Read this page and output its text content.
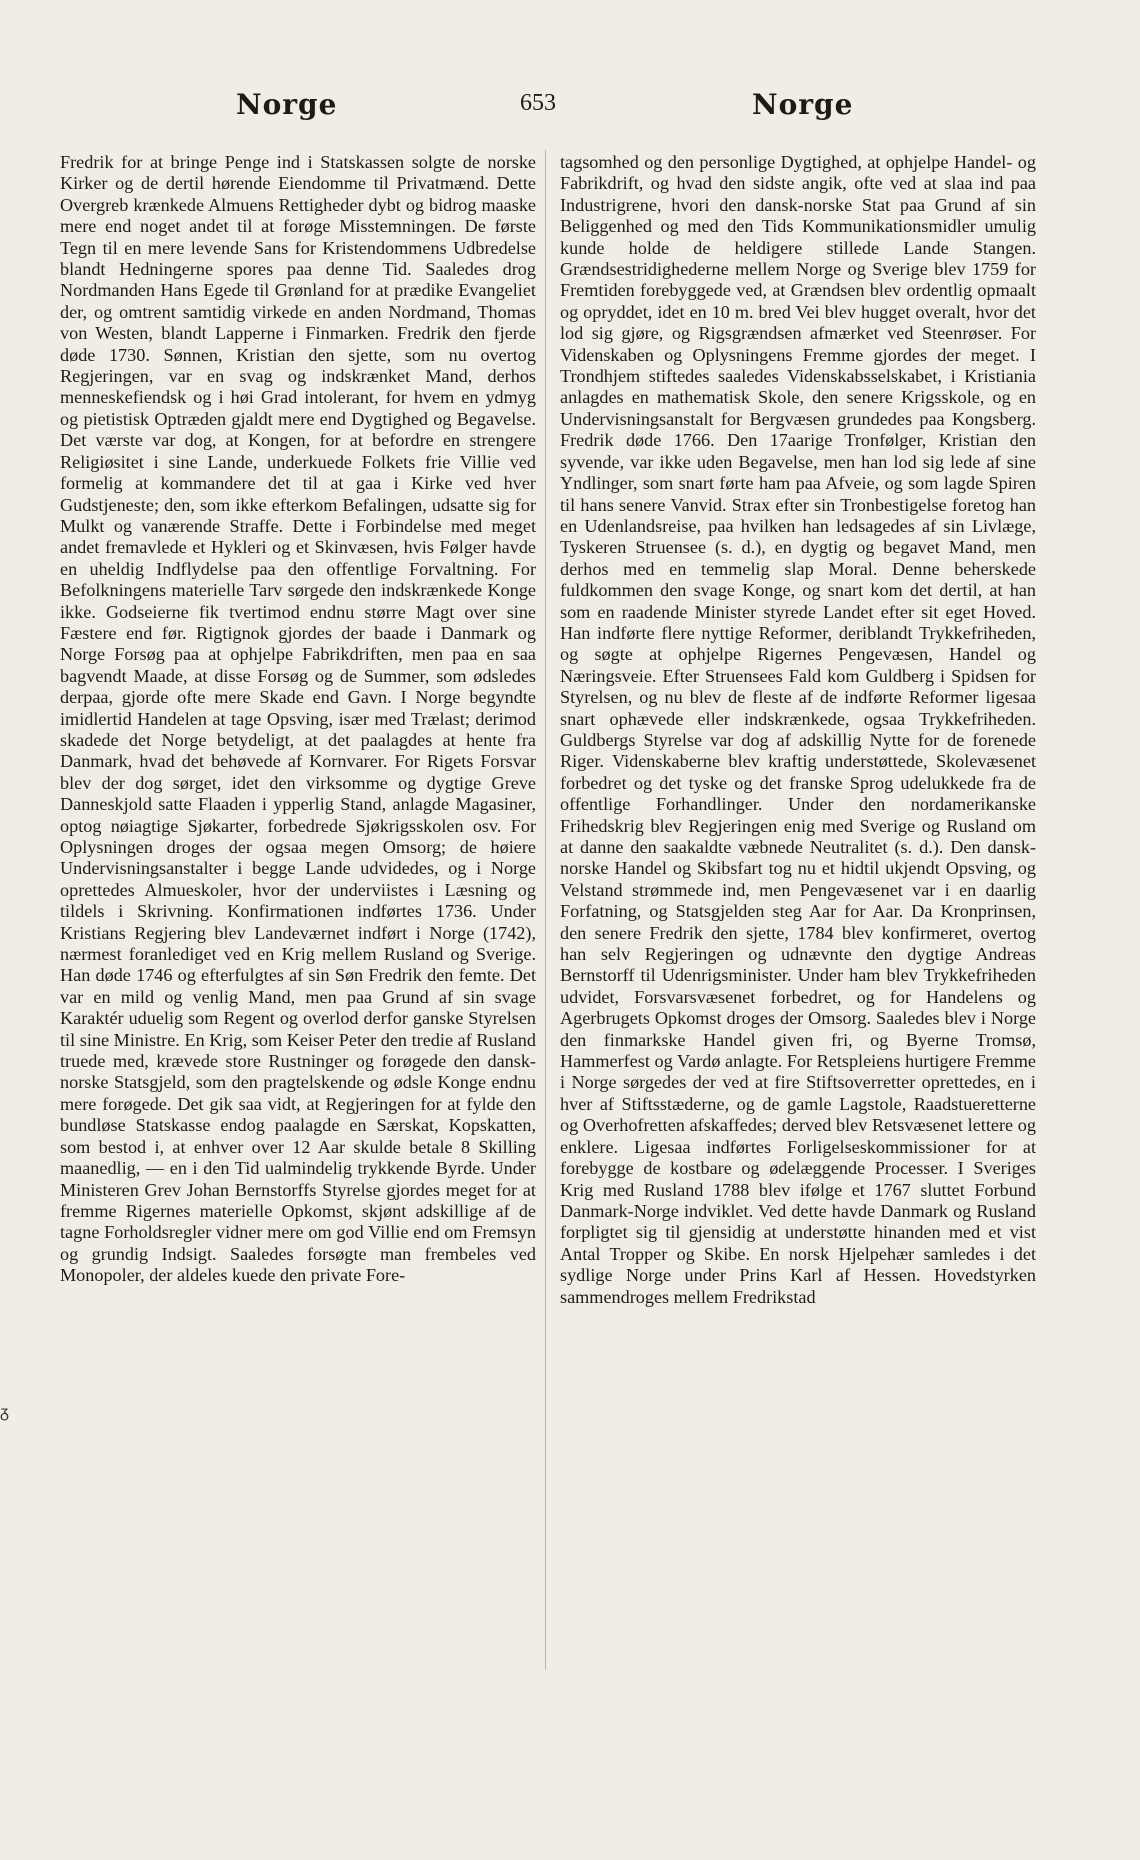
Norge	653	Norge

Fredrik for at bringe Penge ind i Statskassen solgte de norske Kirker og de dertil hørende Eiendomme til Privatmænd. Dette Overgreb krænkede Almuens Rettigheder dybt og bidrog maaske mere end noget andet til at forøge Misstemningen. De første Tegn til en mere levende Sans for Kristendommens Udbredelse blandt Hedningerne spores paa denne Tid. Saaledes drog Nordmanden Hans Egede til Grønland for at prædike Evangeliet der, og omtrent samtidig virkede en anden Nordmand, Thomas von Westen, blandt Lapperne i Finmarken. Fredrik den fjerde døde 1730. Sønnen, Kristian den sjette, som nu overtog Regjeringen, var en svag og indskrænket Mand, derhos menneskefiendsk og i høi Grad intolerant, for hvem en ydmyg og pietistisk Optræden gjaldt mere end Dygtighed og Begavelse. Det værste var dog, at Kongen, for at befordre en strengere Religiøsitet i sine Lande, underkuede Folkets frie Villie ved formelig at kommandere det til at gaa i Kirke ved hver Gudstjeneste; den, som ikke efterkom Befalingen, udsatte sig for Mulkt og vanærende Straffe. Dette i Forbindelse med meget andet fremavlede et Hykleri og et Skinvæsen, hvis Følger havde en uheldig Indflydelse paa den offentlige Forvaltning. For Befolkningens materielle Tarv sørgede den indskrænkede Konge ikke. Godseierne fik tvertimod endnu større Magt over sine Fæstere end før. Rigtignok gjordes der baade i Danmark og Norge Forsøg paa at ophjelpe Fabrikdriften, men paa en saa bagvendt Maade, at disse Forsøg og de Summer, som ødsledes derpaa, gjorde ofte mere Skade end Gavn. I Norge begyndte imidlertid Handelen at tage Opsving, især med Trælast; derimod skadede det Norge betydeligt, at det paalagdes at hente fra Danmark, hvad det behøvede af Kornvarer. For Rigets Forsvar blev der dog sørget, idet den virksomme og dygtige Greve Danneskjold satte Flaaden i ypperlig Stand, anlagde Magasiner, optog nøiagtige Sjøkarter, forbedrede Sjøkrigsskolen osv. For Oplysningen droges der ogsaa megen Omsorg; de høiere Undervisningsanstalter i begge Lande udvidedes, og i Norge oprettedes Almueskoler, hvor der underviistes i Læsning og tildels i Skrivning. Konfirmationen indførtes 1736. Under Kristians Regjering blev Landeværnet indført i Norge (1742), nærmest foranlediget ved en Krig mellem Rusland og Sverige. Han døde 1746 og efterfulgtes af sin Søn Fredrik den femte. Det var en mild og venlig Mand, men paa Grund af sin svage Karaktér uduelig som Regent og overlod derfor ganske Styrelsen til sine Ministre. En Krig, som Keiser Peter den tredie af Rusland truede med, krævede store Rustninger og forøgede den dansk-norske Statsgjeld, som den pragtelskende og ødsle Konge endnu mere forøgede. Det gik saa vidt, at Regjeringen for at fylde den bundløse Statskasse endog paalagde en Særskat, Kopskatten, som bestod i, at enhver over 12 Aar skulde betale 8 Skilling maanedlig, — en i den Tid ualmindelig trykkende Byrde. Under Ministeren Grev Johan Bernstorffs Styrelse gjordes meget for at fremme Rigernes materielle Opkomst, skjønt adskillige af de tagne Forholdsregler vidner mere om god Villie end om Fremsyn og grundig Indsigt. Saaledes forsøgte man frembeles ved Monopoler, der aldeles kuede den private Fore-

tagsomhed og den personlige Dygtighed, at ophjelpe Handel- og Fabrikdrift, og hvad den sidste angik, ofte ved at slaa ind paa Industrigrene, hvori den dansk-norske Stat paa Grund af sin Beliggenhed og med den Tids Kommunikationsmidler umulig kunde holde de heldigere stillede Lande Stangen. Grændsestridighederne mellem Norge og Sverige blev 1759 for Fremtiden forebyggede ved, at Grændsen blev ordentlig opmaalt og opryddet, idet en 10 m. bred Vei blev hugget overalt, hvor det lod sig gjøre, og Rigsgrændsen afmærket ved Steenrøser. For Videnskaben og Oplysningens Fremme gjordes der meget. I Trondhjem stiftedes saaledes Videnskabsselskabet, i Kristiania anlagdes en mathematisk Skole, den senere Krigsskole, og en Undervisningsanstalt for Bergvæsen grundedes paa Kongsberg. Fredrik døde 1766. Den 17aarige Tronfølger, Kristian den syvende, var ikke uden Begavelse, men han lod sig lede af sine Yndlinger, som snart førte ham paa Afveie, og som lagde Spiren til hans senere Vanvid. Strax efter sin Tronbestigelse foretog han en Udenlandsreise, paa hvilken han ledsagedes af sin Livlæge, Tyskeren Struensee (s. d.), en dygtig og begavet Mand, men derhos med en temmelig slap Moral. Denne beherskede fuldkommen den svage Konge, og snart kom det dertil, at han som en raadende Minister styrede Landet efter sit eget Hoved. Han indførte flere nyttige Reformer, deriblandt Trykkefriheden, og søgte at ophjelpe Rigernes Pengevæsen, Handel og Næringsveie. Efter Struensees Fald kom Guldberg i Spidsen for Styrelsen, og nu blev de fleste af de indførte Reformer ligesaa snart ophævede eller indskrænkede, ogsaa Trykkefriheden. Guldbergs Styrelse var dog af adskillig Nytte for de forenede Riger. Videnskaberne blev kraftig understøttede, Skolevæsenet forbedret og det tyske og det franske Sprog udelukkede fra de offentlige Forhandlinger. Under den nordamerikanske Frihedskrig blev Regjeringen enig med Sverige og Rusland om at danne den saakaldte væbnede Neutralitet (s. d.). Den dansk-norske Handel og Skibsfart tog nu et hidtil ukjendt Opsving, og Velstand strømmede ind, men Pengevæsenet var i en daarlig Forfatning, og Statsgjelden steg Aar for Aar. Da Kronprinsen, den senere Fredrik den sjette, 1784 blev konfirmeret, overtog han selv Regjeringen og udnævnte den dygtige Andreas Bernstorff til Udenrigsminister. Under ham blev Trykkefriheden udvidet, Forsvarsvæsenet forbedret, og for Handelens og Agerbrugets Opkomst droges der Omsorg. Saaledes blev i Norge den finmarkske Handel given fri, og Byerne Tromsø, Hammerfest og Vardø anlagte. For Retspleiens hurtigere Fremme i Norge sørgedes der ved at fire Stiftsoverretter oprettedes, en i hver af Stiftsstæderne, og de gamle Lagstole, Raadstueretterne og Overhofretten afskaffedes; derved blev Retsvæsenet lettere og enklere. Ligesaa indførtes Forligelseskommissioner for at forebygge de kostbare og ødelæggende Processer. I Sveriges Krig med Rusland 1788 blev ifølge et 1767 sluttet Forbund Danmark-Norge indviklet. Ved dette havde Danmark og Rusland forpligtet sig til gjensidig at understøtte hinanden med et vist Antal Tropper og Skibe. En norsk Hjelpehær samledes i det sydlige Norge under Prins Karl af Hessen. Hovedstyrken sammendroges mellem Fredrikstad

ᵹ
